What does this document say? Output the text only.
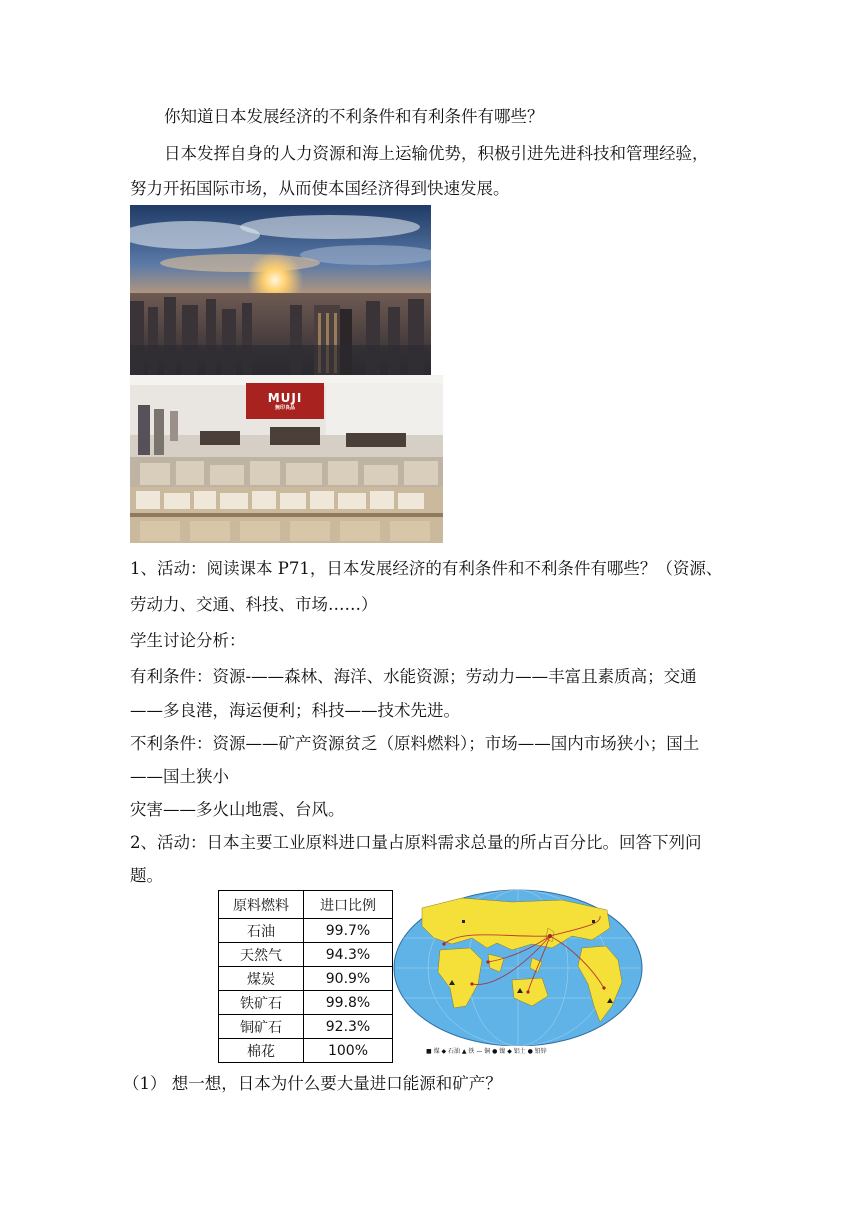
你知道日本发展经济的不利条件和有利条件有哪些？
日本发挥自身的人力资源和海上运输优势，积极引进先进科技和管理经验，
努力开拓国际市场，从而使本国经济得到快速发展。
MUJI
無印良品
1、活动：阅读课本 P71，日本发展经济的有利条件和不利条件有哪些？（资源、
劳动力、交通、科技、市场……）
学生讨论分析：
有利条件：资源-——森林、海洋、水能资源；劳动力——丰富且素质高；交通
——多良港，海运便利；科技——技术先进。
不利条件：资源——矿产资源贫乏（原料燃料）；市场——国内市场狭小；国土
——国土狭小
灾害——多火山地震、台风。
2、活动：日本主要工业原料进口量占原料需求总量的所占百分比。回答下列问
题。
原料燃料	进口比例
石油	99.7%
天然气	94.3%
煤炭	90.9%
铁矿石	99.8%
铜矿石	92.3%
棉花	100%	■ 煤 ◆ 石油 ▲ 铁 — 铜 ● 镍 ◆ 铝土 ● 铅锌
（1） 想一想，日本为什么要大量进口能源和矿产？
